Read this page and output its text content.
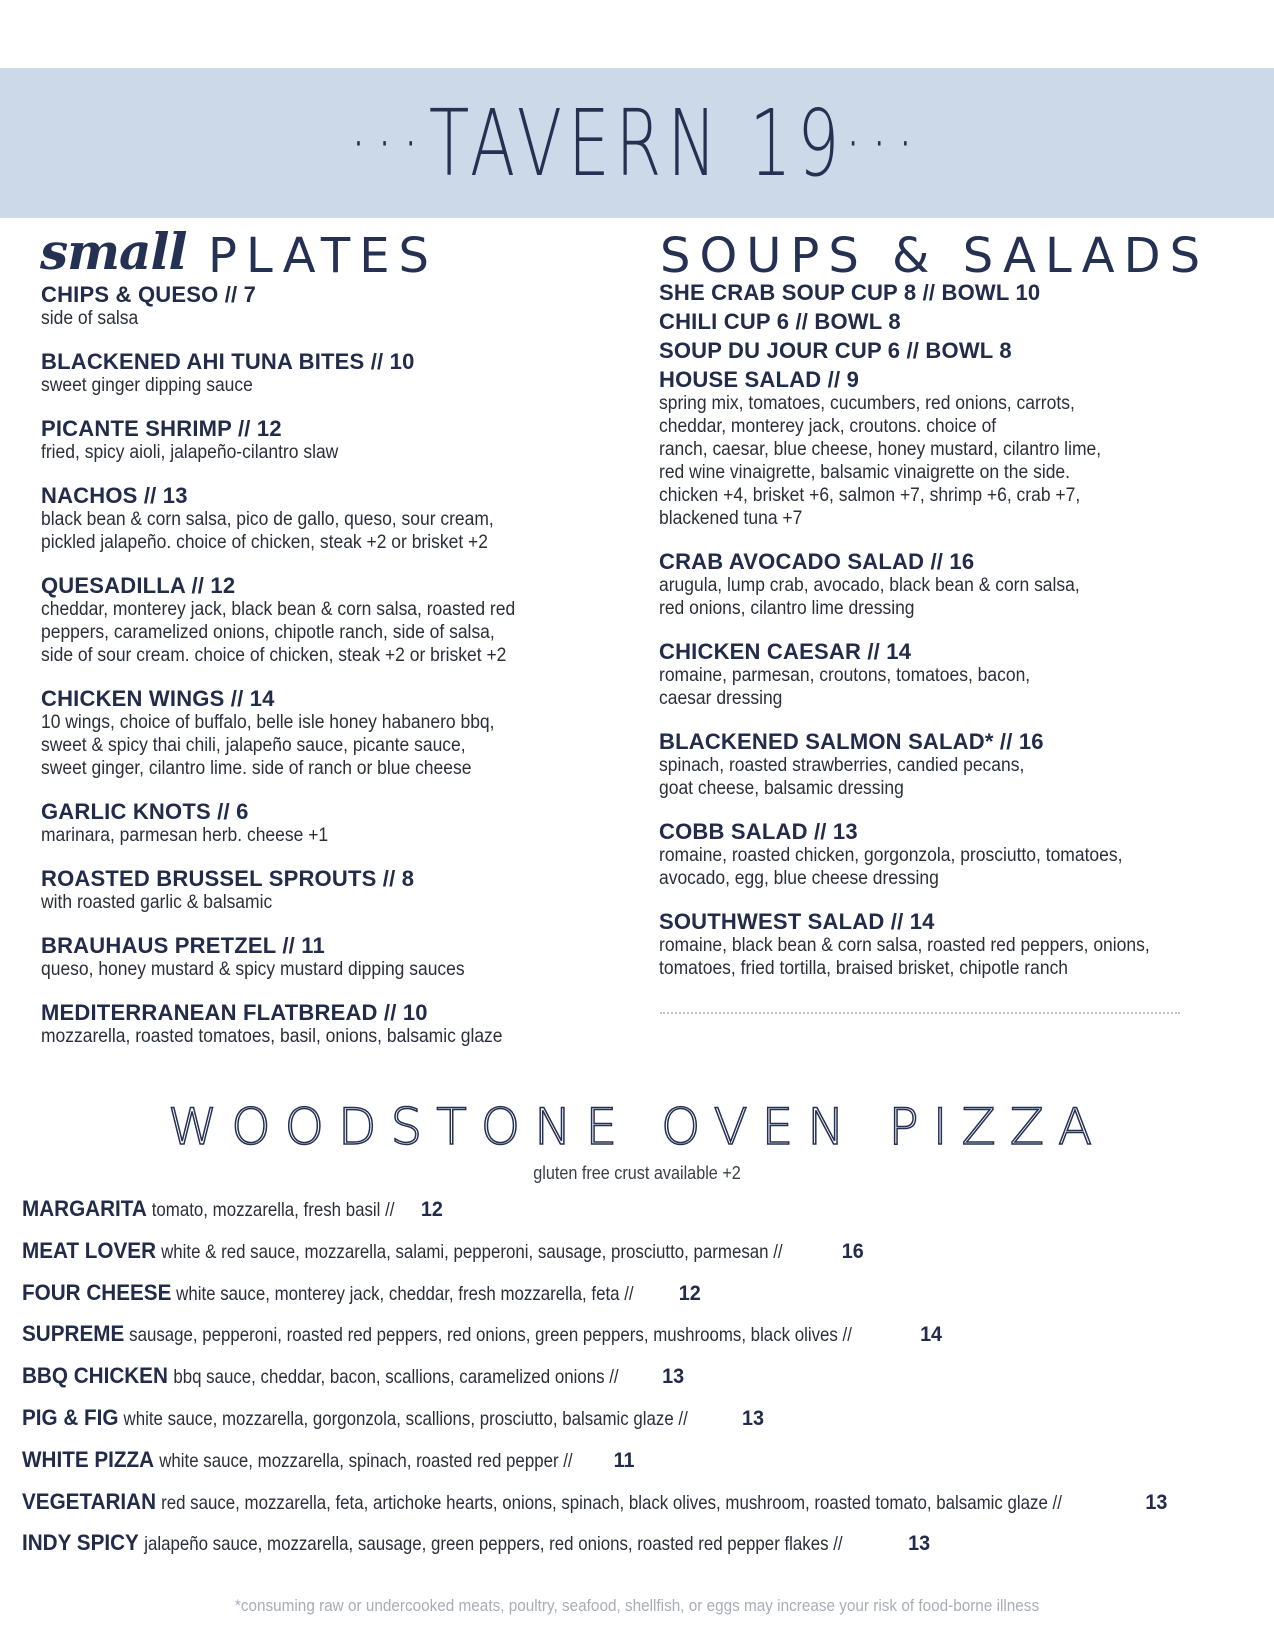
··· TAVERN 19 ···
small PLATES	SOUPS & SALADS
CHIPS & QUESO // 7
side of salsa
BLACKENED AHI TUNA BITES // 10
sweet ginger dipping sauce
PICANTE SHRIMP // 12
fried, spicy aioli, jalapeño-cilantro slaw
NACHOS // 13
black bean & corn salsa, pico de gallo, queso, sour cream,
pickled jalapeño. choice of chicken, steak +2 or brisket +2
QUESADILLA // 12
cheddar, monterey jack, black bean & corn salsa, roasted red
peppers, caramelized onions, chipotle ranch, side of salsa,
side of sour cream. choice of chicken, steak +2 or brisket +2
CHICKEN WINGS // 14
10 wings, choice of buffalo, belle isle honey habanero bbq,
sweet & spicy thai chili, jalapeño sauce, picante sauce,
sweet ginger, cilantro lime. side of ranch or blue cheese
GARLIC KNOTS // 6
marinara, parmesan herb. cheese +1
ROASTED BRUSSEL SPROUTS // 8
with roasted garlic & balsamic
BRAUHAUS PRETZEL // 11
queso, honey mustard & spicy mustard dipping sauces
MEDITERRANEAN FLATBREAD // 10
mozzarella, roasted tomatoes, basil, onions, balsamic glaze
SHE CRAB SOUP CUP 8 // BOWL 10
CHILI CUP 6 // BOWL 8
SOUP DU JOUR CUP 6 // BOWL 8
HOUSE SALAD // 9
spring mix, tomatoes, cucumbers, red onions, carrots,
cheddar, monterey jack, croutons. choice of
ranch, caesar, blue cheese, honey mustard, cilantro lime,
red wine vinaigrette, balsamic vinaigrette on the side.
chicken +4, brisket +6, salmon +7, shrimp +6, crab +7,
blackened tuna +7
CRAB AVOCADO SALAD // 16
arugula, lump crab, avocado, black bean & corn salsa,
red onions, cilantro lime dressing
CHICKEN CAESAR // 14
romaine, parmesan, croutons, tomatoes, bacon,
caesar dressing
BLACKENED SALMON SALAD* // 16
spinach, roasted strawberries, candied pecans,
goat cheese, balsamic dressing
COBB SALAD // 13
romaine, roasted chicken, gorgonzola, prosciutto, tomatoes,
avocado, egg, blue cheese dressing
SOUTHWEST SALAD // 14
romaine, black bean & corn salsa, roasted red peppers, onions,
tomatoes, fried tortilla, braised brisket, chipotle ranch
WOODSTONE OVEN PIZZA
gluten free crust available +2
MARGARITA tomato, mozzarella, fresh basil // 12
MEAT LOVER white & red sauce, mozzarella, salami, pepperoni, sausage, prosciutto, parmesan //	16
FOUR CHEESE white sauce, monterey jack, cheddar, fresh mozzarella, feta // 12
SUPREME sausage, pepperoni, roasted red peppers, red onions, green peppers, mushrooms, black olives //	14
BBQ CHICKEN bbq sauce, cheddar, bacon, scallions, caramelized onions // 13
PIG & FIG white sauce, mozzarella, gorgonzola, scallions, prosciutto, balsamic glaze //	13
WHITE PIZZA white sauce, mozzarella, spinach, roasted red pepper // 11
VEGETARIAN red sauce, mozzarella, feta, artichoke hearts, onions, spinach, black olives, mushroom, roasted tomato, balsamic glaze //	13
INDY SPICY jalapeño sauce, mozzarella, sausage, green peppers, red onions, roasted red pepper flakes //	13
*consuming raw or undercooked meats, poultry, seafood, shellfish, or eggs may increase your risk of food-borne illness
